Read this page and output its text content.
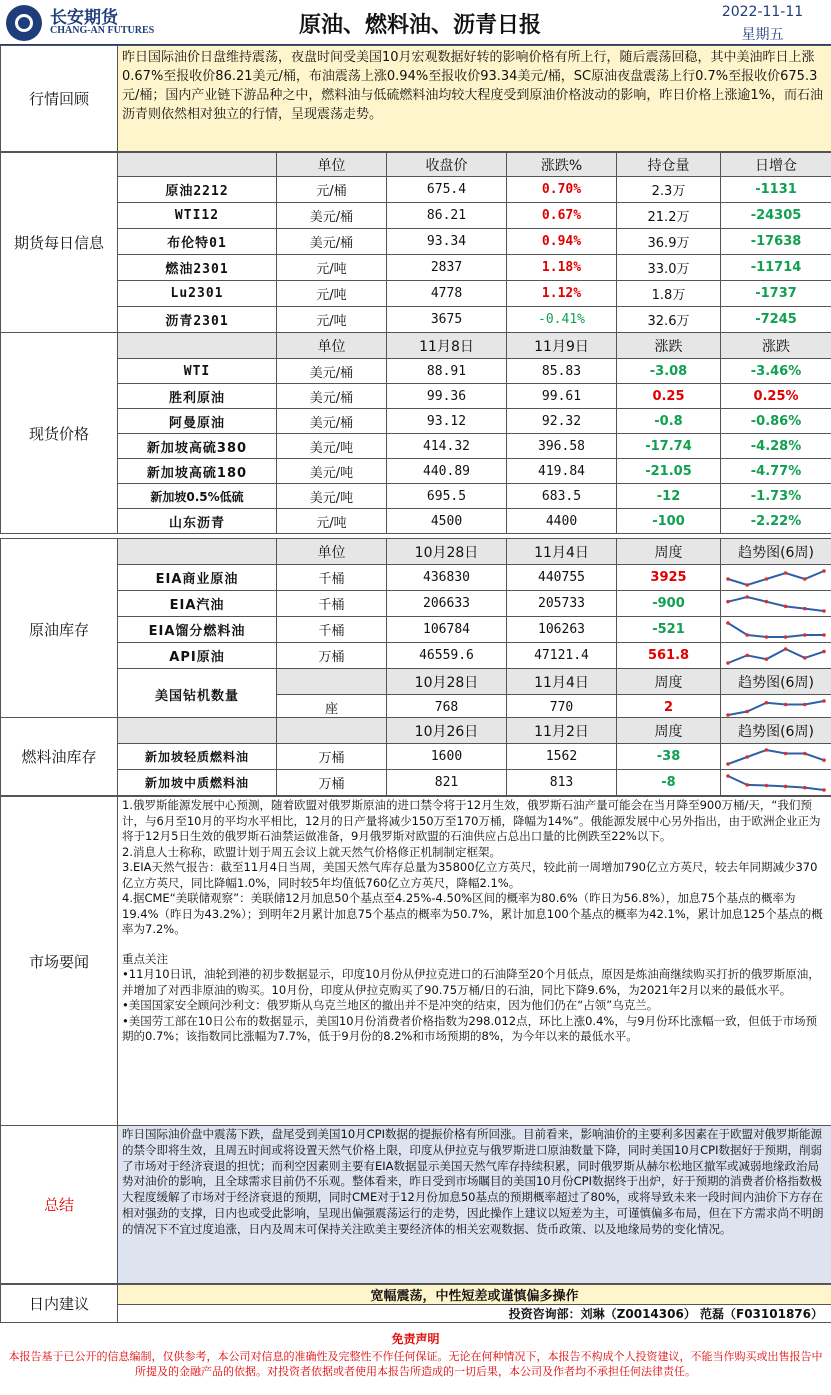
长安期货
CHANG-AN FUTURES	原油、燃料油、沥青日报
2022-11-11
星期五
行情回顾	昨日国际油价日盘维持震荡，夜盘时间受美国10月宏观数据好转的影响价格有所上行，随后震荡回稳，其中美油昨日上涨0.67%至报收价86.21美元/桶，布油震荡上涨0.94%至报收价93.34美元/桶，SC原油夜盘震荡上行0.7%至报收价675.3元/桶；国内产业链下游品种之中，燃料油与低硫燃料油均较大程度受到原油价格波动的影响，昨日价格上涨逾1%，而石油沥青则依然相对独立的行情，呈现震荡走势。
期货每日信息		单位	收盘价	涨跌%	持仓量	日增仓
	原油2212	元/桶	675.4	0.70%	2.3万	-1131
	WTI12	美元/桶	86.21	0.67%	21.2万	-24305
	布伦特01	美元/桶	93.34	0.94%	36.9万	-17638
	燃油2301	元/吨	2837	1.18%	33.0万	-11714
	Lu2301	元/吨	4778	1.12%	1.8万	-1737
	沥青2301	元/吨	3675	-0.41%	32.6万	-7245
现货价格		单位	11月8日	11月9日	涨跌	涨跌
	WTI	美元/桶	88.91	85.83	-3.08	-3.46%
	胜利原油	美元/桶	99.36	99.61	0.25	0.25%
	阿曼原油	美元/桶	93.12	92.32	-0.8	-0.86%
	新加坡高硫380	美元/吨	414.32	396.58	-17.74	-4.28%
	新加坡高硫180	美元/吨	440.89	419.84	-21.05	-4.77%
	新加坡0.5%低硫	美元/吨	695.5	683.5	-12	-1.73%
	山东沥青	元/吨	4500	4400	-100	-2.22%
原油库存		单位	10月28日	11月4日	周度	趋势图(6周)
	EIA商业原油	千桶	436830	440755	3925	

	EIA汽油	千桶	206633	205733	-900	

	EIA馏分燃料油	千桶	106784	106263	-521	

	API原油	万桶	46559.6	47121.4	561.8	

	美国钻机数量		10月28日	11月4日	周度	趋势图(6周)
		座	768	770	2	
燃料油库存			10月26日	11月2日	周度	趋势图(6周)
	新加坡轻质燃料油	万桶	1600	1562	-38	

	新加坡中质燃料油	万桶	821	813	-8	
市场要闻	
1.俄罗斯能源发展中心预测，随着欧盟对俄罗斯原油的进口禁令将于12月生效，俄罗斯石油产量可能会在当月降至900万桶/天，“我们预计，与6月至10月的平均水平相比，12月的日产量将减少150万至170万桶，降幅为14%”。俄能源发展中心另外指出，由于欧洲企业正为将于12月5日生效的俄罗斯石油禁运做准备，9月俄罗斯对欧盟的石油供应占总出口量的比例跌至22%以下。
2.消息人士称称，欧盟计划于周五会议上就天然气价格修正机制制定框架。
3.EIA天然气报告：截至11月4日当周，美国天然气库存总量为35800亿立方英尺，较此前一周增加790亿立方英尺，较去年同期减少370亿立方英尺，同比降幅1.0%，同时较5年均值低760亿立方英尺，降幅2.1%。
4.据CME“美联储观察”：美联储12月加息50个基点至4.25%-4.50%区间的概率为80.6%（昨日为56.8%），加息75个基点的概率为19.4%（昨日为43.2%）；到明年2月累计加息75个基点的概率为50.7%，累计加息100个基点的概率为42.1%，累计加息125个基点的概率为7.2%。
重点关注
•11月10日讯，油轮到港的初步数据显示，印度10月份从伊拉克进口的石油降至20个月低点，原因是炼油商继续购买打折的俄罗斯原油，并增加了对西非原油的购买。10月份，印度从伊拉克购买了90.75万桶/日的石油，同比下降9.6%，为2021年2月以来的最低水平。
•美国国家安全顾问沙利文：俄罗斯从乌克兰地区的撤出并不是冲突的结束，因为他们仍在“占领”乌克兰。
•美国劳工部在10日公布的数据显示，美国10月份消费者价格指数为298.012点，环比上涨0.4%，与9月份环比涨幅一致，但低于市场预期的0.7%；该指数同比涨幅为7.7%，低于9月份的8.2%和市场预期的8%，为今年以来的最低水平。
总结	昨日国际油价盘中震荡下跌，盘尾受到美国10月CPI数据的提振价格有所回涨。目前看来，影响油价的主要利多因素在于欧盟对俄罗斯能源的禁令即将生效，且周五时间或将设置天然气价格上限，印度从伊拉克与俄罗斯进口原油数量下降，同时美国10月CPI数据好于预期，削弱了市场对于经济衰退的担忧；而利空因素则主要有EIA数据显示美国天然气库存持续积累，同时俄罗斯从赫尔松地区撤军或减弱地缘政治局势对油价的影响，且全球需求目前仍不乐观。整体看来，昨日受到市场瞩目的美国10月份CPI数据终于出炉，好于预期的消费者价格指数极大程度缓解了市场对于经济衰退的预期，同时CME对于12月份加息50基点的预期概率超过了80%，或将导致未来一段时间内油价下方存在相对强劲的支撑，日内也或受此影响，呈现出偏强震荡运行的走势，因此操作上建议以短差为主，可谨慎偏多布局，但在下方需求尚不明朗的情况下不宜过度追涨，日内及周末可保持关注欧美主要经济体的相关宏观数据、货币政策、以及地缘局势的变化情况。
日内建议	宽幅震荡，中性短差或谨慎偏多操作
投资咨询部：刘琳（Z0014306） 范磊（F03101876）
免责声明
本报告基于已公开的信息编制，仅供参考，本公司对信息的准确性及完整性不作任何保证。无论在何种情况下，本报告不构成个人投资建议，不能当作购买或出售报告中所提及的金融产品的依据。对投资者依据或者使用本报告所造成的一切后果，本公司及作者均不承担任何法律责任。
